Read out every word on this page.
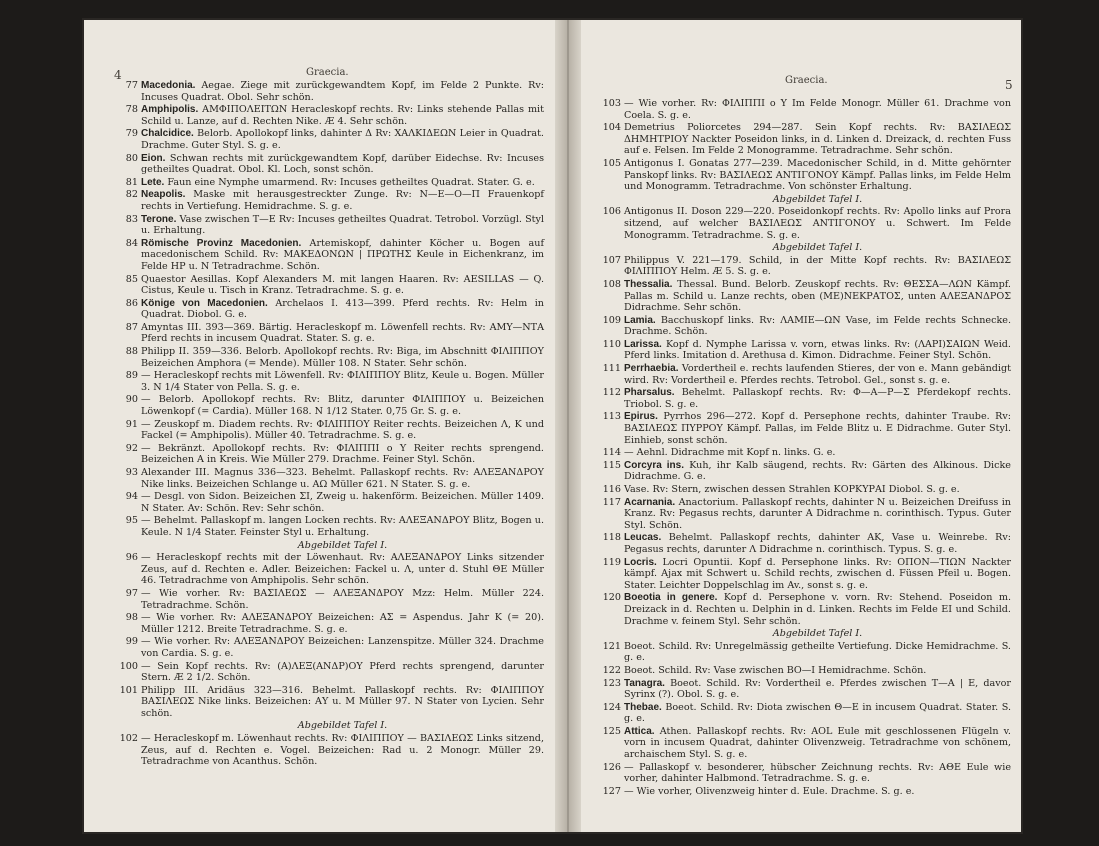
4	Graecia.
77 Macedonia. Aegae. Ziege mit zurückgewandtem Kopf, im Felde 2 Punkte. Rv: Incuses Quadrat. Obol. Sehr schön.
78 Amphipolis. ΑΜΦΙΠΟΛΕΙΤΩΝ Heracleskopf rechts. Rv: Links stehende Pallas mit Schild u. Lanze, auf d. Rechten Nike. Æ 4. Sehr schön.
79 Chalcidice. Belorb. Apollokopf links, dahinter Δ Rv: ΧΑΛΚΙΔΕΩΝ Leier in Quadrat. Drachme. Guter Styl. S. g. e.
80 Eion. Schwan rechts mit zurückgewandtem Kopf, darüber Eidechse. Rv: Incuses getheiltes Quadrat. Obol. Kl. Loch, sonst schön.
81 Lete. Faun eine Nymphe umarmend. Rv: Incuses getheiltes Quadrat. Stater. G. e.
82 Neapolis. Maske mit herausgestreckter Zunge. Rv: N—E—O—Π Frauenkopf rechts in Vertiefung. Hemidrachme. S. g. e.
83 Terone. Vase zwischen T—E Rv: Incuses getheiltes Quadrat. Tetrobol. Vorzügl. Styl u. Erhaltung.
84 Römische Provinz Macedonien. Artemiskopf, dahinter Köcher u. Bogen auf macedonischem Schild. Rv: ΜΑΚΕΔΟΝΩΝ | ΠΡΩΤΗΣ Keule in Eichenkranz, im Felde ΗΡ u. N Tetradrachme. Schön.
85 Quaestor Aesillas. Kopf Alexanders M. mit langen Haaren. Rv: AESILLAS — Q. Cistus, Keule u. Tisch in Kranz. Tetradrachme. S. g. e.
86 Könige von Macedonien. Archelaos I. 413—399. Pferd rechts. Rv: Helm in Quadrat. Diobol. G. e.
87 Amyntas III. 393—369. Bärtig. Heracleskopf m. Löwenfell rechts. Rv: ΑΜΥ—ΝΤΑ Pferd rechts in incusem Quadrat. Stater. S. g. e.
88 Philipp II. 359—336. Belorb. Apollokopf rechts. Rv: Biga, im Abschnitt ΦΙΛΙΠΠΟΥ Beizeichen Amphora (= Mende). Müller 108. N Stater. Sehr schön.
89 — Heracleskopf rechts mit Löwenfell. Rv: ΦΙΛΙΠΠΟΥ Blitz, Keule u. Bogen. Müller 3. N 1/4 Stater von Pella. S. g. e.
90 — Belorb. Apollokopf rechts. Rv: Blitz, darunter ΦΙΛΙΠΠΟΥ u. Beizeichen Löwenkopf (= Cardia). Müller 168. N 1/12 Stater. 0,75 Gr. S. g. e.
91 — Zeuskopf m. Diadem rechts. Rv: ΦΙΛΙΠΠΟΥ Reiter rechts. Beizeichen Λ, K und Fackel (= Amphipolis). Müller 40. Tetradrachme. S. g. e.
92 — Bekränzt. Apollokopf rechts. Rv: ΦΙΛΙΠΠΙ ο Υ Reiter rechts sprengend. Beizeichen A in Kreis. Wie Müller 279. Drachme. Feiner Styl. Schön.
93 Alexander III. Magnus 336—323. Behelmt. Pallaskopf rechts. Rv: ΑΛΕΞΑΝΔΡΟΥ Nike links. Beizeichen Schlange u. ΑΩ Müller 621. N Stater. S. g. e.
94 — Desgl. von Sidon. Beizeichen ΣΙ, Zweig u. hakenförm. Beizeichen. Müller 1409. N Stater. Av: Schön. Rev: Sehr schön.
95 — Behelmt. Pallaskopf m. langen Locken rechts. Rv: ΑΛΕΞΑΝΔΡΟΥ Blitz, Bogen u. Keule. N 1/4 Stater. Feinster Styl u. Erhaltung.
Abgebildet Tafel I.
96 — Heracleskopf rechts mit der Löwenhaut. Rv: ΑΛΕΞΑΝΔΡΟΥ Links sitzender Zeus, auf d. Rechten e. Adler. Beizeichen: Fackel u. Λ, unter d. Stuhl ΘΕ Müller 46. Tetradrachme von Amphipolis. Sehr schön.
97 — Wie vorher. Rv: ΒΑΣΙΛΕΩΣ — ΑΛΕΞΑΝΔΡΟΥ Mzz: Helm. Müller 224. Tetradrachme. Schön.
98 — Wie vorher. Rv: ΑΛΕΞΑΝΔΡΟΥ Beizeichen: ΑΣ = Aspendus. Jahr K (= 20). Müller 1212. Breite Tetradrachme. S. g. e.
99 — Wie vorher. Rv: ΑΛΕΞΑΝΔΡΟΥ Beizeichen: Lanzenspitze. Müller 324. Drachme von Cardia. S. g. e.
100 — Sein Kopf rechts. Rv: (Α)ΛΕΞ(ΑΝΔΡ)ΟΥ Pferd rechts sprengend, darunter Stern. Æ 2 1/2. Schön.
101 Philipp III. Aridäus 323—316. Behelmt. Pallaskopf rechts. Rv: ΦΙΛΙΠΠΟΥ ΒΑΣΙΛΕΩΣ Nike links. Beizeichen: ΑΥ u. M Müller 97. N Stater von Lycien. Sehr schön.
Abgebildet Tafel I.
102 — Heracleskopf m. Löwenhaut rechts. Rv: ΦΙΛΙΠΠΟΥ — ΒΑΣΙΛΕΩΣ Links sitzend, Zeus, auf d. Rechten e. Vogel. Beizeichen: Rad u. 2 Monogr. Müller 29. Tetradrachme von Acanthus. Schön.
Graecia.	5
103 — Wie vorher. Rv: ΦΙΛΙΠΠΙ ο Υ Im Felde Monogr. Müller 61. Drachme von Coela. S. g. e.
104 Demetrius Poliorcetes 294—287. Sein Kopf rechts. Rv: ΒΑΣΙΛΕΩΣ ΔΗΜΗΤΡΙΟΥ Nackter Poseidon links, in d. Linken d. Dreizack, d. rechten Fuss auf e. Felsen. Im Felde 2 Monogramme. Tetradrachme. Sehr schön.
105 Antigonus I. Gonatas 277—239. Macedonischer Schild, in d. Mitte gehörnter Panskopf links. Rv: ΒΑΣΙΛΕΩΣ ΑΝΤΙΓΟΝΟΥ Kämpf. Pallas links, im Felde Helm und Monogramm. Tetradrachme. Von schönster Erhaltung.
Abgebildet Tafel I.
106 Antigonus II. Doson 229—220. Poseidonkopf rechts. Rv: Apollo links auf Prora sitzend, auf welcher ΒΑΣΙΛΕΩΣ ΑΝΤΙΓΟΝΟΥ u. Schwert. Im Felde Monogramm. Tetradrachme. S. g. e.
Abgebildet Tafel I.
107 Philippus V. 221—179. Schild, in der Mitte Kopf rechts. Rv: ΒΑΣΙΛΕΩΣ ΦΙΛΙΠΠΟΥ Helm. Æ 5. S. g. e.
108 Thessalia. Thessal. Bund. Belorb. Zeuskopf rechts. Rv: ΘΕΣΣΑ—ΛΩΝ Kämpf. Pallas m. Schild u. Lanze rechts, oben (ΜΕ)ΝΕΚΡΑΤΟΣ, unten ΑΛΕΞΑΝΔΡΟΣ Didrachme. Sehr schön.
109 Lamia. Bacchuskopf links. Rv: ΛΑΜΙΕ—ΩΝ Vase, im Felde rechts Schnecke. Drachme. Schön.
110 Larissa. Kopf d. Nymphe Larissa v. vorn, etwas links. Rv: (ΛΑΡΙ)ΣΑΙΩΝ Weid. Pferd links. Imitation d. Arethusa d. Kimon. Didrachme. Feiner Styl. Schön.
111 Perrhaebia. Vordertheil e. rechts laufenden Stieres, der von e. Mann gebändigt wird. Rv: Vordertheil e. Pferdes rechts. Tetrobol. Gel., sonst s. g. e.
112 Pharsalus. Behelmt. Pallaskopf rechts. Rv: Φ—Α—Ρ—Σ Pferdekopf rechts. Triobol. S. g. e.
113 Epirus. Pyrrhos 296—272. Kopf d. Persephone rechts, dahinter Traube. Rv: ΒΑΣΙΛΕΩΣ ΠΥΡΡΟΥ Kämpf. Pallas, im Felde Blitz u. E Didrachme. Guter Styl. Einhieb, sonst schön.
114 — Aehnl. Didrachme mit Kopf n. links. G. e.
115 Corcyra ins. Kuh, ihr Kalb säugend, rechts. Rv: Gärten des Alkinous. Dicke Didrachme. G. e.
116 Vase. Rv: Stern, zwischen dessen Strahlen ΚΟΡΚΥΡΑΙ Diobol. S. g. e.
117 Acarnania. Anactorium. Pallaskopf rechts, dahinter N u. Beizeichen Dreifuss in Kranz. Rv: Pegasus rechts, darunter A Didrachme n. corinthisch. Typus. Guter Styl. Schön.
118 Leucas. Behelmt. Pallaskopf rechts, dahinter AK, Vase u. Weinrebe. Rv: Pegasus rechts, darunter Λ Didrachme n. corinthisch. Typus. S. g. e.
119 Locris. Locri Opuntii. Kopf d. Persephone links. Rv: ΟΠΟΝ—ΤΙΩΝ Nackter kämpf. Ajax mit Schwert u. Schild rechts, zwischen d. Füssen Pfeil u. Bogen. Stater. Leichter Doppelschlag im Av., sonst s. g. e.
120 Boeotia in genere. Kopf d. Persephone v. vorn. Rv: Stehend. Poseidon m. Dreizack in d. Rechten u. Delphin in d. Linken. Rechts im Felde ΕΙ und Schild. Drachme v. feinem Styl. Sehr schön.
Abgebildet Tafel I.
121 Boeot. Schild. Rv: Unregelmässig getheilte Vertiefung. Dicke Hemidrachme. S. g. e.
122 Boeot. Schild. Rv: Vase zwischen ΒΟ—Ι Hemidrachme. Schön.
123 Tanagra. Boeot. Schild. Rv: Vordertheil e. Pferdes zwischen T—A | E, davor Syrinx (?). Obol. S. g. e.
124 Thebae. Boeot. Schild. Rv: Diota zwischen Θ—Ε in incusem Quadrat. Stater. S. g. e.
125 Attica. Athen. Pallaskopf rechts. Rv: AOL Eule mit geschlossenen Flügeln v. vorn in incusem Quadrat, dahinter Olivenzweig. Tetradrachme von schönem, archaischem Styl. S. g. e.
126 — Pallaskopf v. besonderer, hübscher Zeichnung rechts. Rv: ΑΘΕ Eule wie vorher, dahinter Halbmond. Tetradrachme. S. g. e.
127 — Wie vorher, Olivenzweig hinter d. Eule. Drachme. S. g. e.
